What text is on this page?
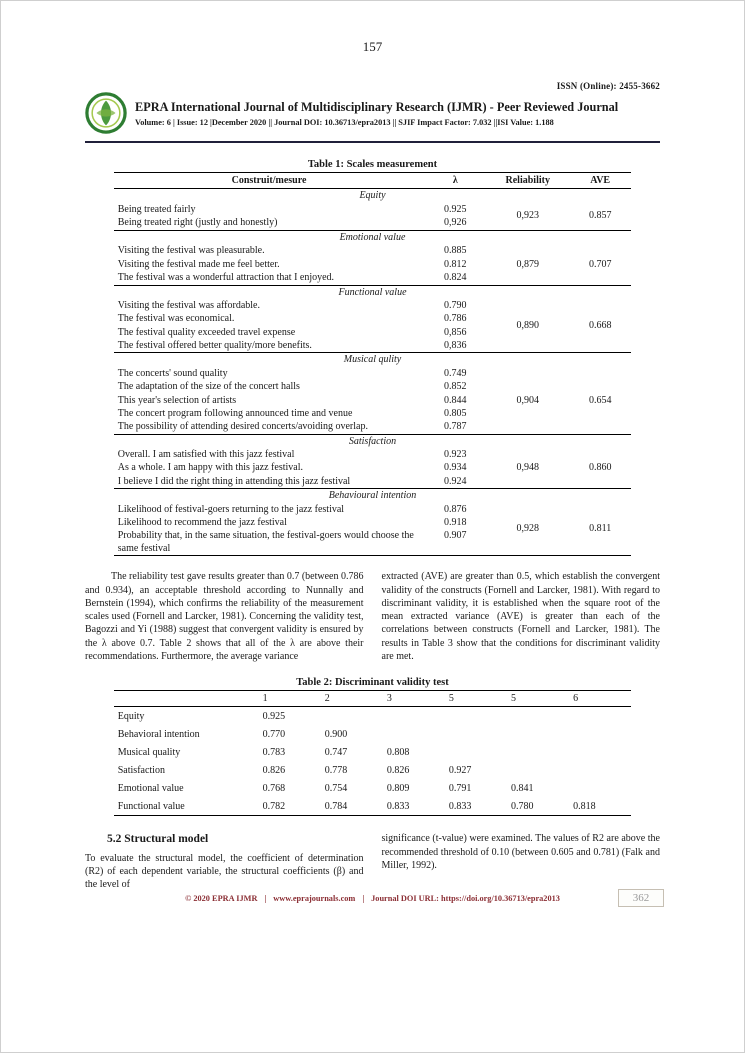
157
ISSN (Online): 2455-3662
EPRA International Journal of Multidisciplinary Research (IJMR) - Peer Reviewed Journal
Volume: 6 | Issue: 12 |December 2020 || Journal DOI: 10.36713/epra2013 || SJIF Impact Factor: 7.032 ||ISI Value: 1.188
Table 1: Scales measurement
Construit/mesure	λ	Reliability	AVE
Equity			
Being treated fairly	0.925	0,923	0.857
Being treated right (justly and honestly)	0,926		
Emotional value			
Visiting the festival was pleasurable.	0.885	0,879	0.707
Visiting the festival made me feel better.	0.812		
The festival was a wonderful attraction that I enjoyed.	0.824		
Functional value			
Visiting the festival was affordable.	0.790	0,890	0.668
The festival was economical.	0.786		
The festival quality exceeded travel expense	0,856		
The festival offered better quality/more benefits.	0,836		
Musical qulity			
The concerts' sound quality	0.749	0,904	0.654
The adaptation of the size of the concert halls	0.852		
This year's selection of artists	0.844		
The concert program following announced time and venue	0.805		
The possibility of attending desired concerts/avoiding overlap.	0.787		
Satisfaction			
Overall. I am satisfied with this jazz festival	0.923	0,948	0.860
As a whole. I am happy with this jazz festival.	0.934		
I believe I did the right thing in attending this jazz festival	0.924		
Behavioural intention			
Likelihood of festival-goers returning to the jazz festival	0.876	0,928	0.811
Likelihood to recommend the jazz festival	0.918		
Probability that, in the same situation, the festival-goers would choose the same festival	0.907		

The reliability test gave results greater than 0.7 (between 0.786 and 0.934), an acceptable threshold according to Nunnally and Bernstein (1994), which confirms the reliability of the measurement scales used (Fornell and Larcker, 1981). Concerning the validity test, Bagozzi and Yi (1988) suggest that convergent validity is ensured by the λ above 0.7. Table 2 shows that all of the λ are above their recommendations. Furthermore, the average variance

extracted (AVE) are greater than 0.5, which establish the convergent validity of the constructs (Fornell and Larcker, 1981). With regard to discriminant validity, it is established when the square root of the mean extracted variance (AVE) is greater than each of the correlations between constructs (Fornell and Larcker, 1981). The results in Table 3 show that the conditions for discriminant validity are met.

Table 2: Discriminant validity test
	1	2	3	5	5	6
Equity	0.925					
Behavioral intention	0.770	0.900				
Musical quality	0.783	0.747	0.808			
Satisfaction	0.826	0.778	0.826	0.927		
Emotional value	0.768	0.754	0.809	0.791	0.841	
Functional value	0.782	0.784	0.833	0.833	0.780	0.818
5.2 Structural model

To evaluate the structural model, the coefficient of determination (R2) of each dependent variable, the structural coefficients (β) and the level of

significance (t-value) were examined. The values of R2 are above the recommended threshold of 0.10 (between 0.605 and 0.781) (Falk and Miller, 1992).

© 2020 EPRA IJMR | www.eprajournals.com | Journal DOI URL: https://doi.org/10.36713/epra2013	362
